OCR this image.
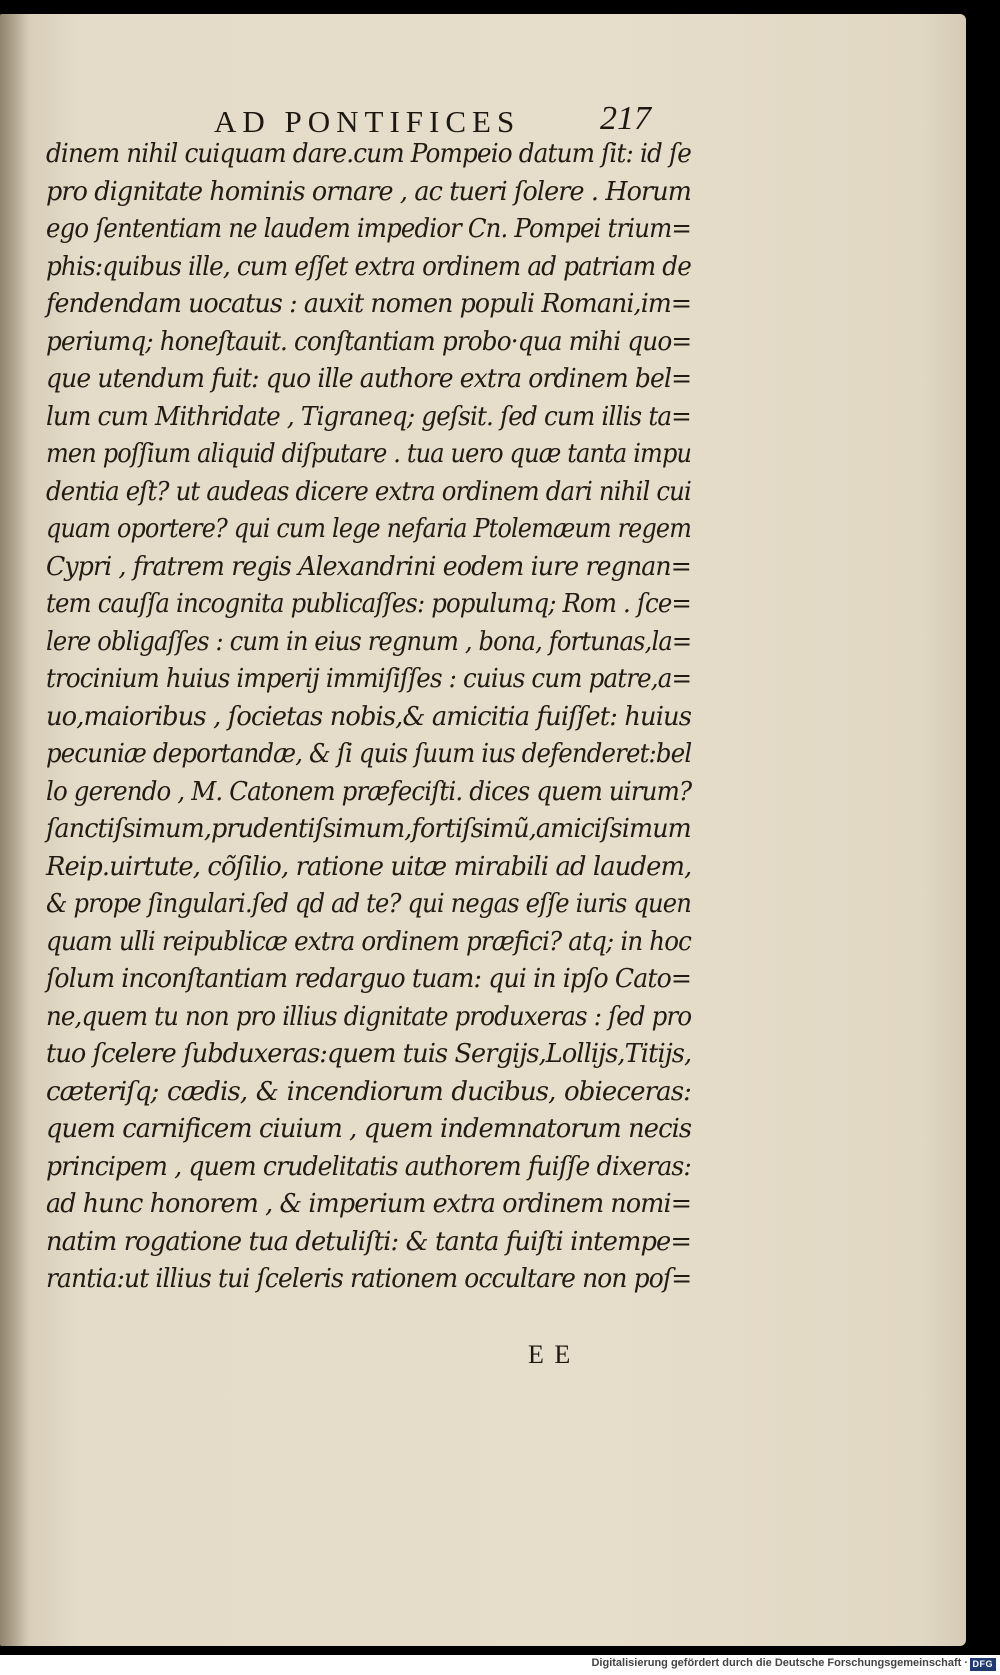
AD PONTIFICES	217
dinem nihil cuiquam dare.cum Pompeio datum ſit: id ſe
pro dignitate hominis ornare , ac tueri ſolere . Horum
ego ſententiam ne laudem impedior Cn. Pompei trium=
phis:quibus ille, cum eſſet extra ordinem ad patriam de
fendendam uocatus : auxit nomen populi Romani,im=
periumq; honeſtauit. conſtantiam probo·qua mihi quo=
que utendum fuit: quo ille authore extra ordinem bel=
lum cum Mithridate , Tigraneq; geſsit. ſed cum illis ta=
men poſſium aliquid diſputare . tua uero quæ tanta impu
dentia eſt? ut audeas dicere extra ordinem dari nihil cui
quam oportere? qui cum lege nefaria Ptolemæum regem
Cypri , fratrem regis Alexandrini eodem iure regnan=
tem cauſſa incognita publicaſſes: populumq; Rom . ſce=
lere obligaſſes : cum in eius regnum , bona, fortunas,la=
trocinium huius imperij immiſiſſes : cuius cum patre,a=
uo,maioribus , ſocietas nobis,& amicitia fuiſſet: huius
pecuniæ deportandæ, & ſi quis ſuum ius defenderet:bel
lo gerendo , M. Catonem præfeciſti. dices quem uirum?
ſanctiſsimum,prudentiſsimum,fortiſsimũ,amiciſsimum
Reip.uirtute, cõſilio, ratione uitæ mirabili ad laudem,
& prope ſingulari.ſed qd ad te? qui negas eſſe iuris quen
quam ulli reipublicæ extra ordinem præfici? atq; in hoc
ſolum inconſtantiam redarguo tuam: qui in ipſo Cato=
ne,quem tu non pro illius dignitate produxeras : ſed pro
tuo ſcelere ſubduxeras:quem tuis Sergijs,Lollijs,Titijs,
cæteriſq; cædis, & incendiorum ducibus, obieceras:
quem carnificem ciuium , quem indemnatorum necis
principem , quem crudelitatis authorem fuiſſe dixeras:
ad hunc honorem , & imperium extra ordinem nomi=
natim rogatione tua detuliſti: & tanta fuiſti intempe=
rantia:ut illius tui ſceleris rationem occultare non poſ=
E E
Digitalisierung gefördert durch die Deutsche Forschungsgemeinschaft · DFG
